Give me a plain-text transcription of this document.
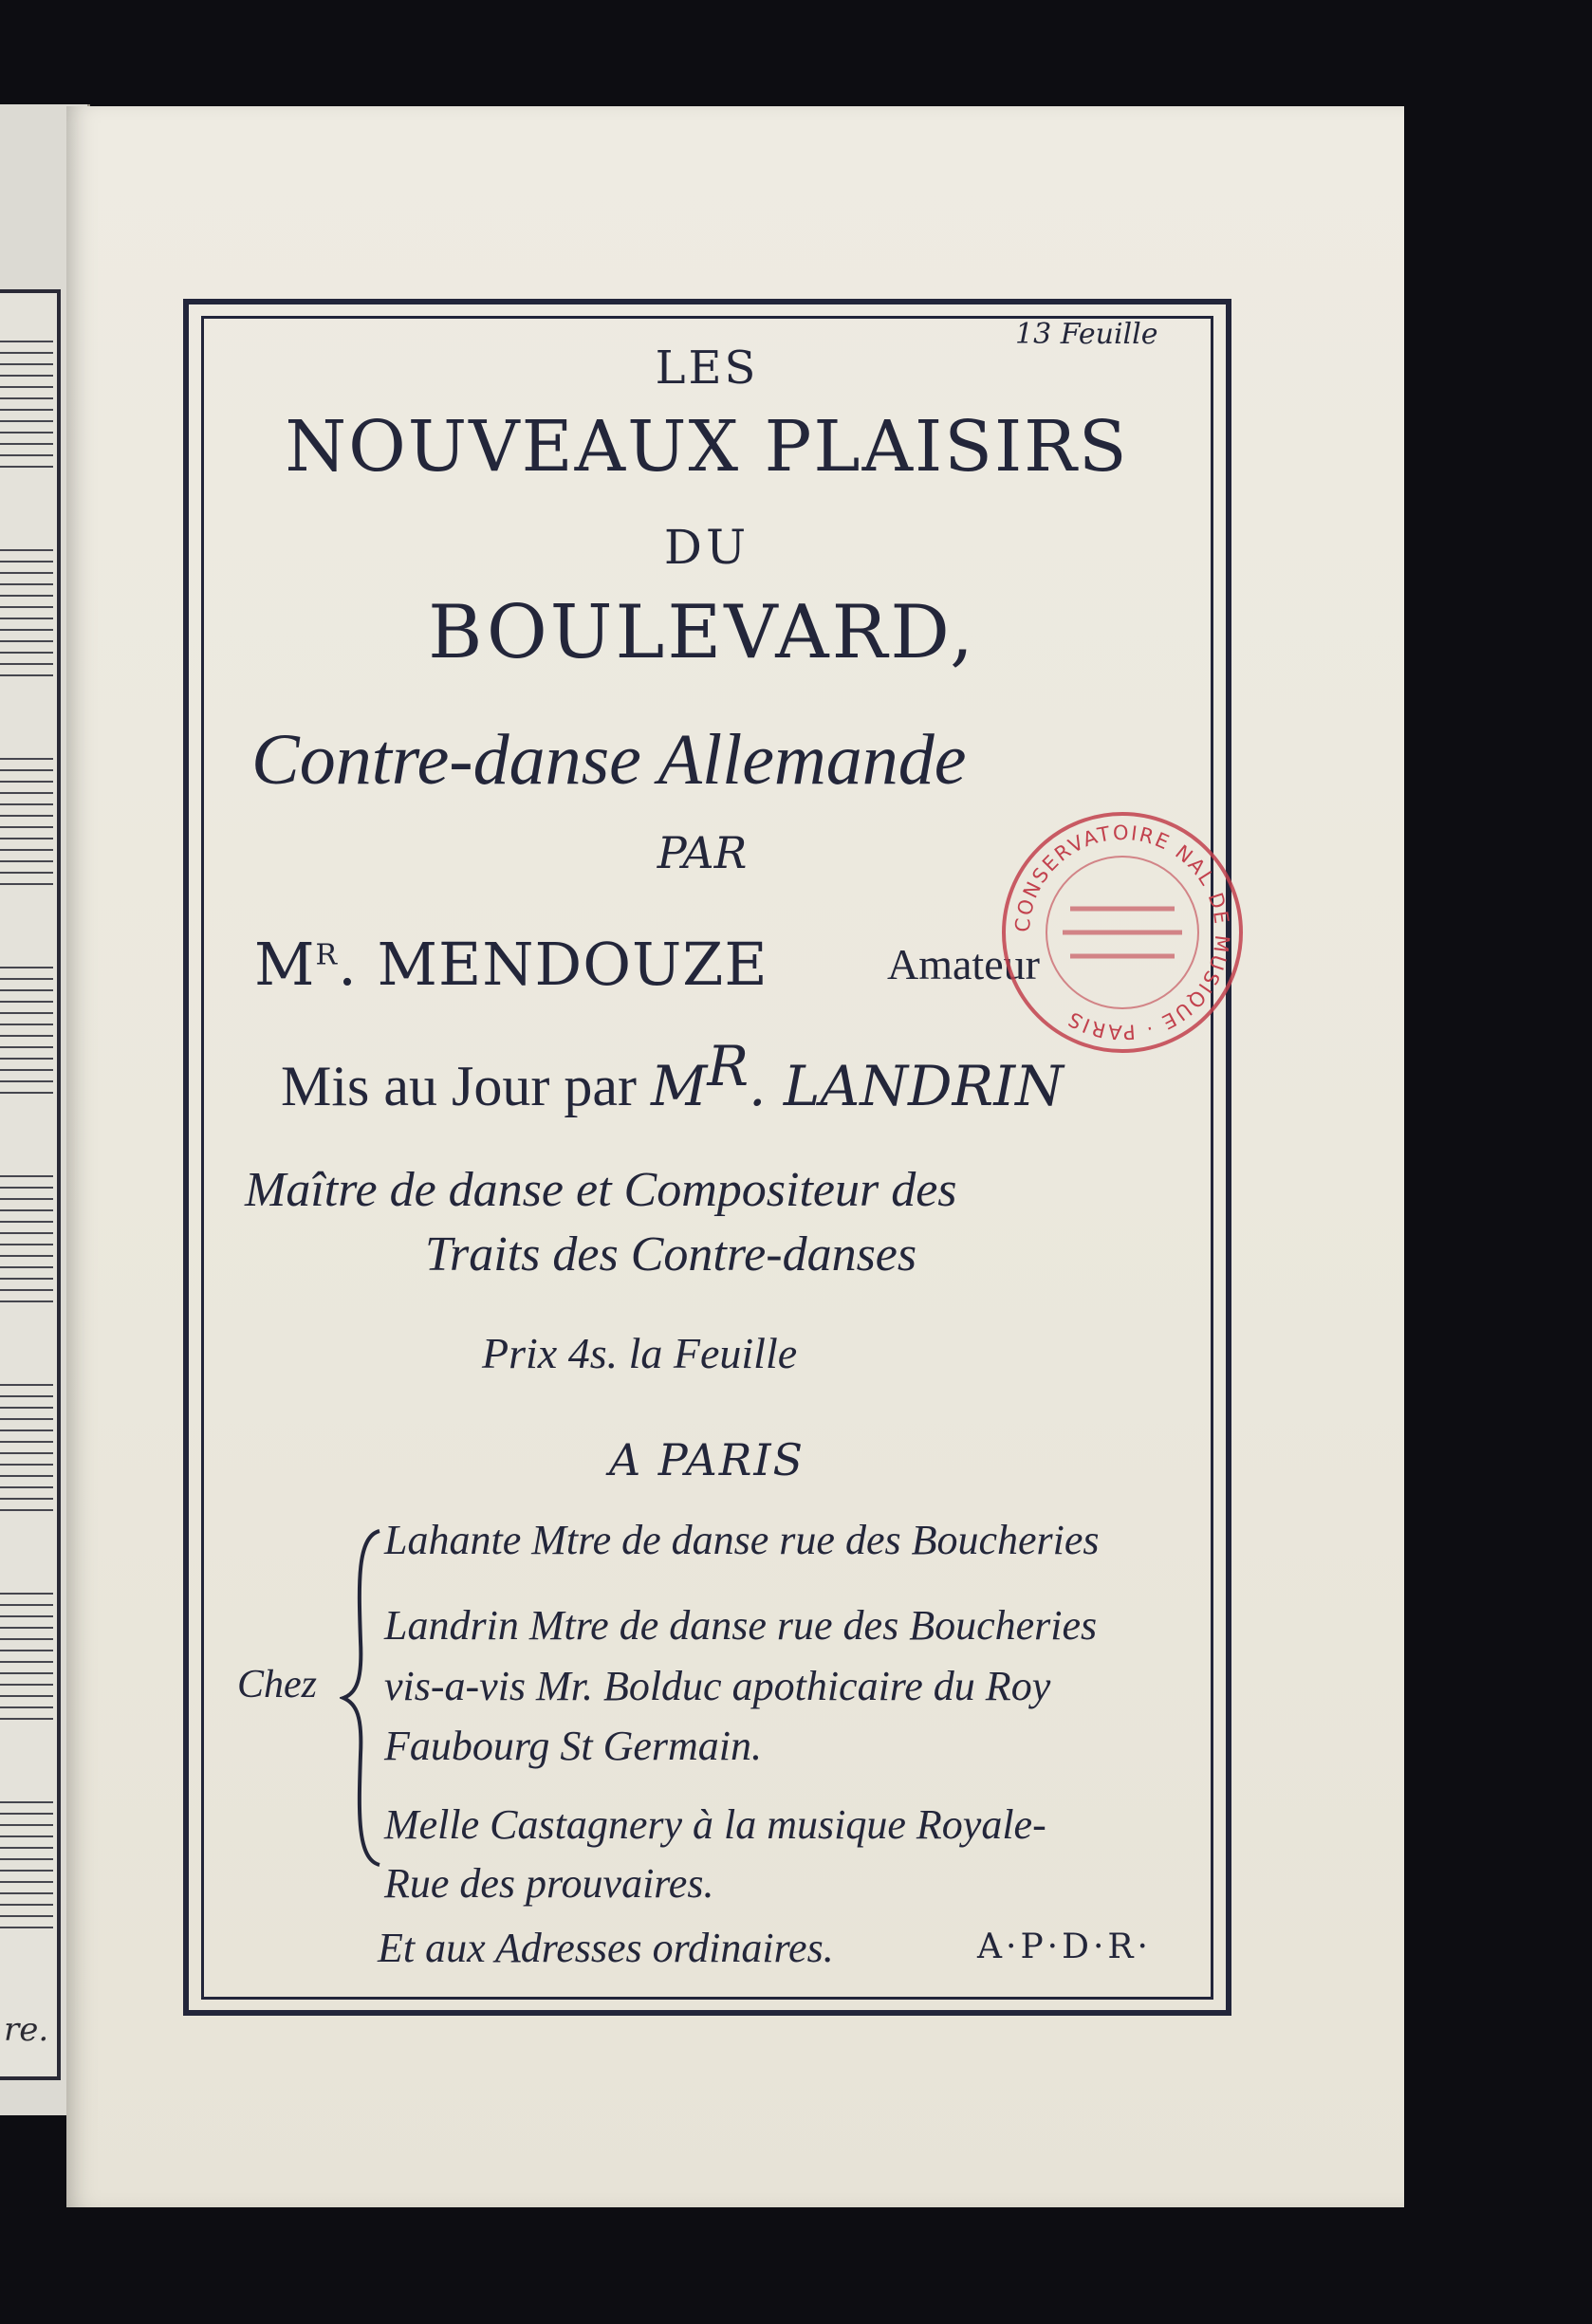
re.
13 Feuille
LES
NOUVEAUX PLAISIRS
DU
BOULEVARD,
Contre-danse Allemande
PAR
$M^R$. MENDOUZE	Amateur
Mis au Jour par $M^R$. LANDRIN
Maître de danse et Compositeur des
Traits des Contre-danses
Prix 4s. la Feuille
A PARIS
Chez
Lahante Mtre de danse rue des Boucheries
Landrin Mtre de danse rue des Boucheries
vis-a-vis Mr. Bolduc apothicaire du Roy
Faubourg St Germain.
Melle Castagnery à la musique Royale-
Rue des prouvaires.
Et aux Adresses ordinaires.	A·P·D·R·
CONSERVATOIRE NAL DE MUSIQUE · PARIS
